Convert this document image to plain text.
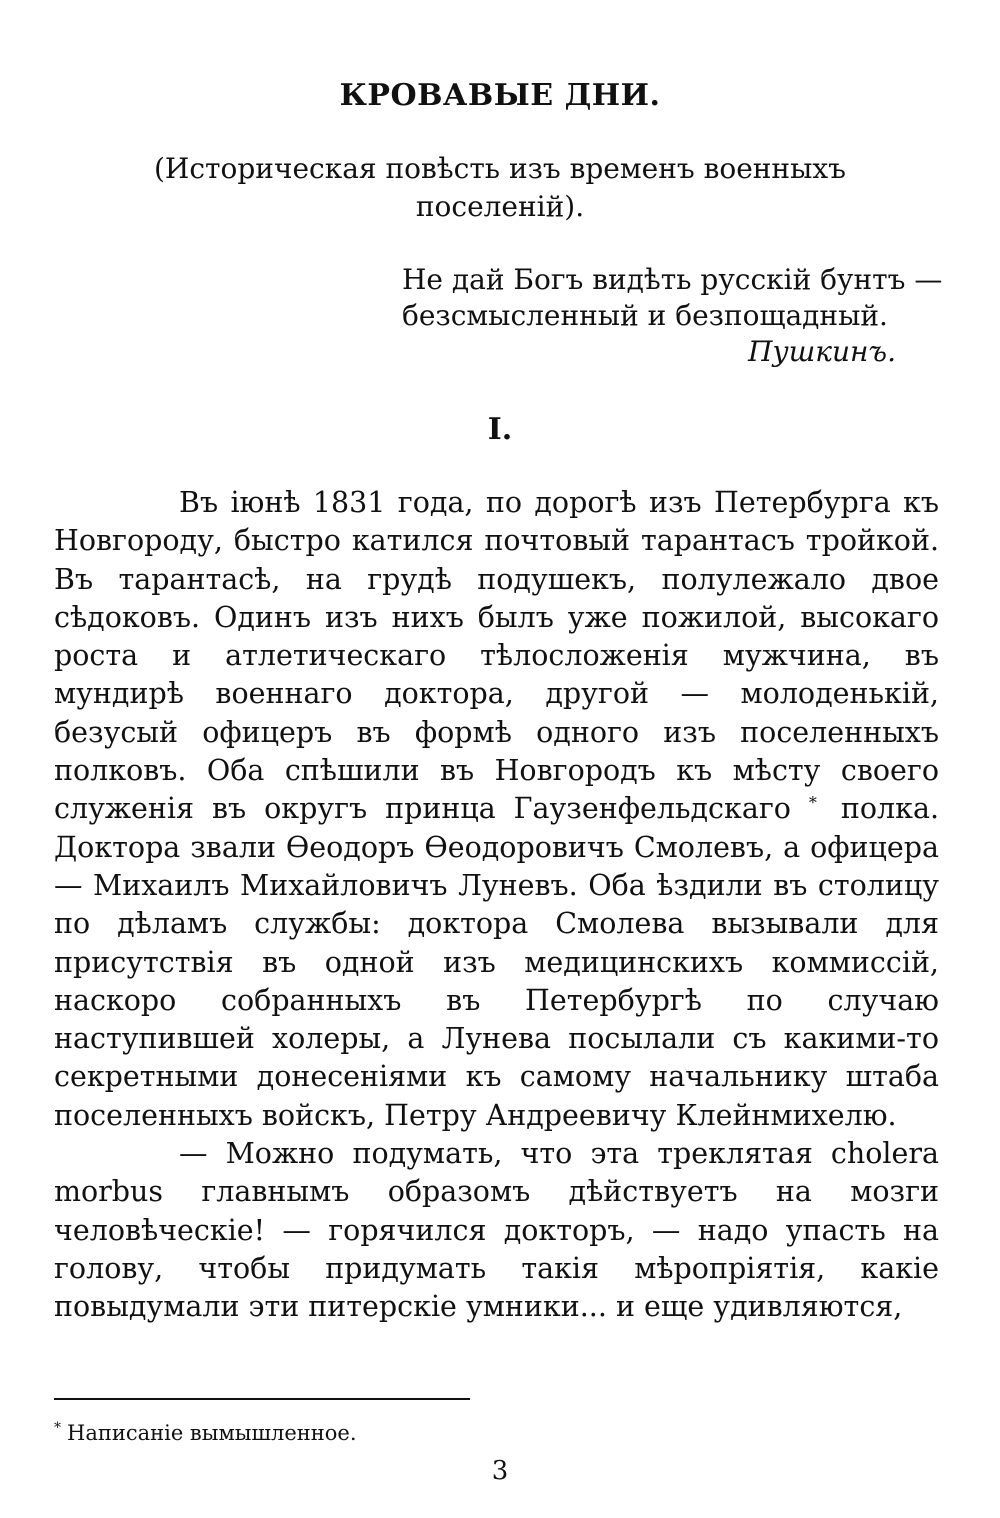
КРОВАВЫЕ ДНИ.

(Историческая повѣсть изъ временъ военныхъ поселенiй).

Не дай Богъ видѣть русскiй бунтъ —
безсмысленный и безпощадный.
Пушкинъ.
I.

Въ iюнѣ 1831 года, по дорогѣ изъ Петербурга къ Новгороду, быстро катился почтовый тарантасъ тройкой. Въ тарантасѣ, на грудѣ подушекъ, полулежало двое сѣдоковъ. Одинъ изъ нихъ былъ уже пожилой, высокаго роста и атлетическаго тѣлосложенiя мужчина, въ мундирѣ военнаго доктора, другой — молоденькiй, безусый офицеръ въ формѣ одного изъ поселенныхъ полковъ. Оба спѣшили въ Новгородъ къ мѣсту своего служенiя въ округъ принца Гаузенфельдскаго * полка. Доктора звали Ѳеодоръ Ѳеодоровичъ Смолевъ, а офицера — Михаилъ Михайловичъ Луневъ. Оба ѣздили въ столицу по дѣламъ службы: доктора Смолева вызывали для присутствiя въ одной изъ медицинскихъ коммиссiй, наскоро собранныхъ въ Петербургѣ по случаю наступившей холеры, а Лунева посылали съ какими-то секретными донесенiями къ самому начальнику штаба поселенныхъ войскъ, Петру Андреевичу Клейнмихелю.

— Можно подумать, что эта треклятая cholera morbus главнымъ образомъ дѣйствуетъ на мозги человѣческiе! — горячился докторъ, — надо упасть на голову, чтобы придумать такiя мѣропрiятiя, какiе повыдумали эти питерскiе умники... и еще удивляются,

* Написанiе вымышленное.
3
